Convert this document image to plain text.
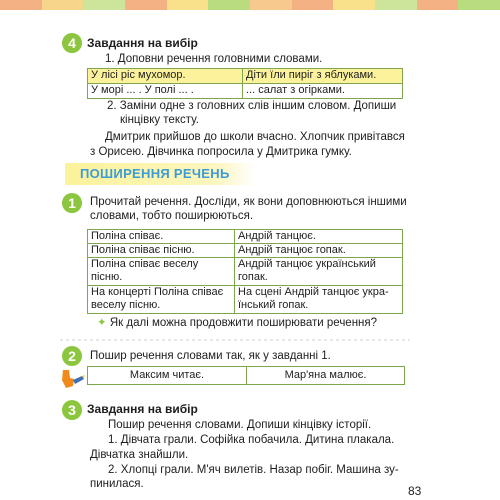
4 Завдання на вибір
1. Доповни речення головними словами.
У лісі ріс мухомор.	Діти їли пиріг з яблуками.
У морі ... . У полі ... .	... салат з огірками.
2. Заміни одне з головних слів іншим словом. Допиши
кінцівку тексту.
Дмитрик прийшов до школи вчасно. Хлопчик привітався
з Орисею. Дівчинка попросила у Дмитрика гумку.
ПОШИРЕННЯ РЕЧЕНЬ
1	Прочитай речення. Досліди, як вони доповнюються іншими
словами, тобто поширюються.
Поліна співає.	Андрій танцює.
Поліна співає пісню.	Андрій танцює гопак.
Поліна співає веселу
пісню.	Андрій танцює український
гопак.
На концерті Поліна співає
веселу пісню.	На сцені Андрій танцює укра-
їнський гопак.
✦ Як далі можна продовжити поширювати речення?
2	Пошир речення словами так, як у завданні 1.
Максим читає.	Мар'яна малює.
3 Завдання на вибір
Пошир речення словами. Допиши кінцівку історії.
1. Дівчата грали. Софійка побачила. Дитина плакала.
Дівчатка знайшли.
2. Хлопці грали. М'яч вилетів. Назар побіг. Машина зу-
пинилася.	83
